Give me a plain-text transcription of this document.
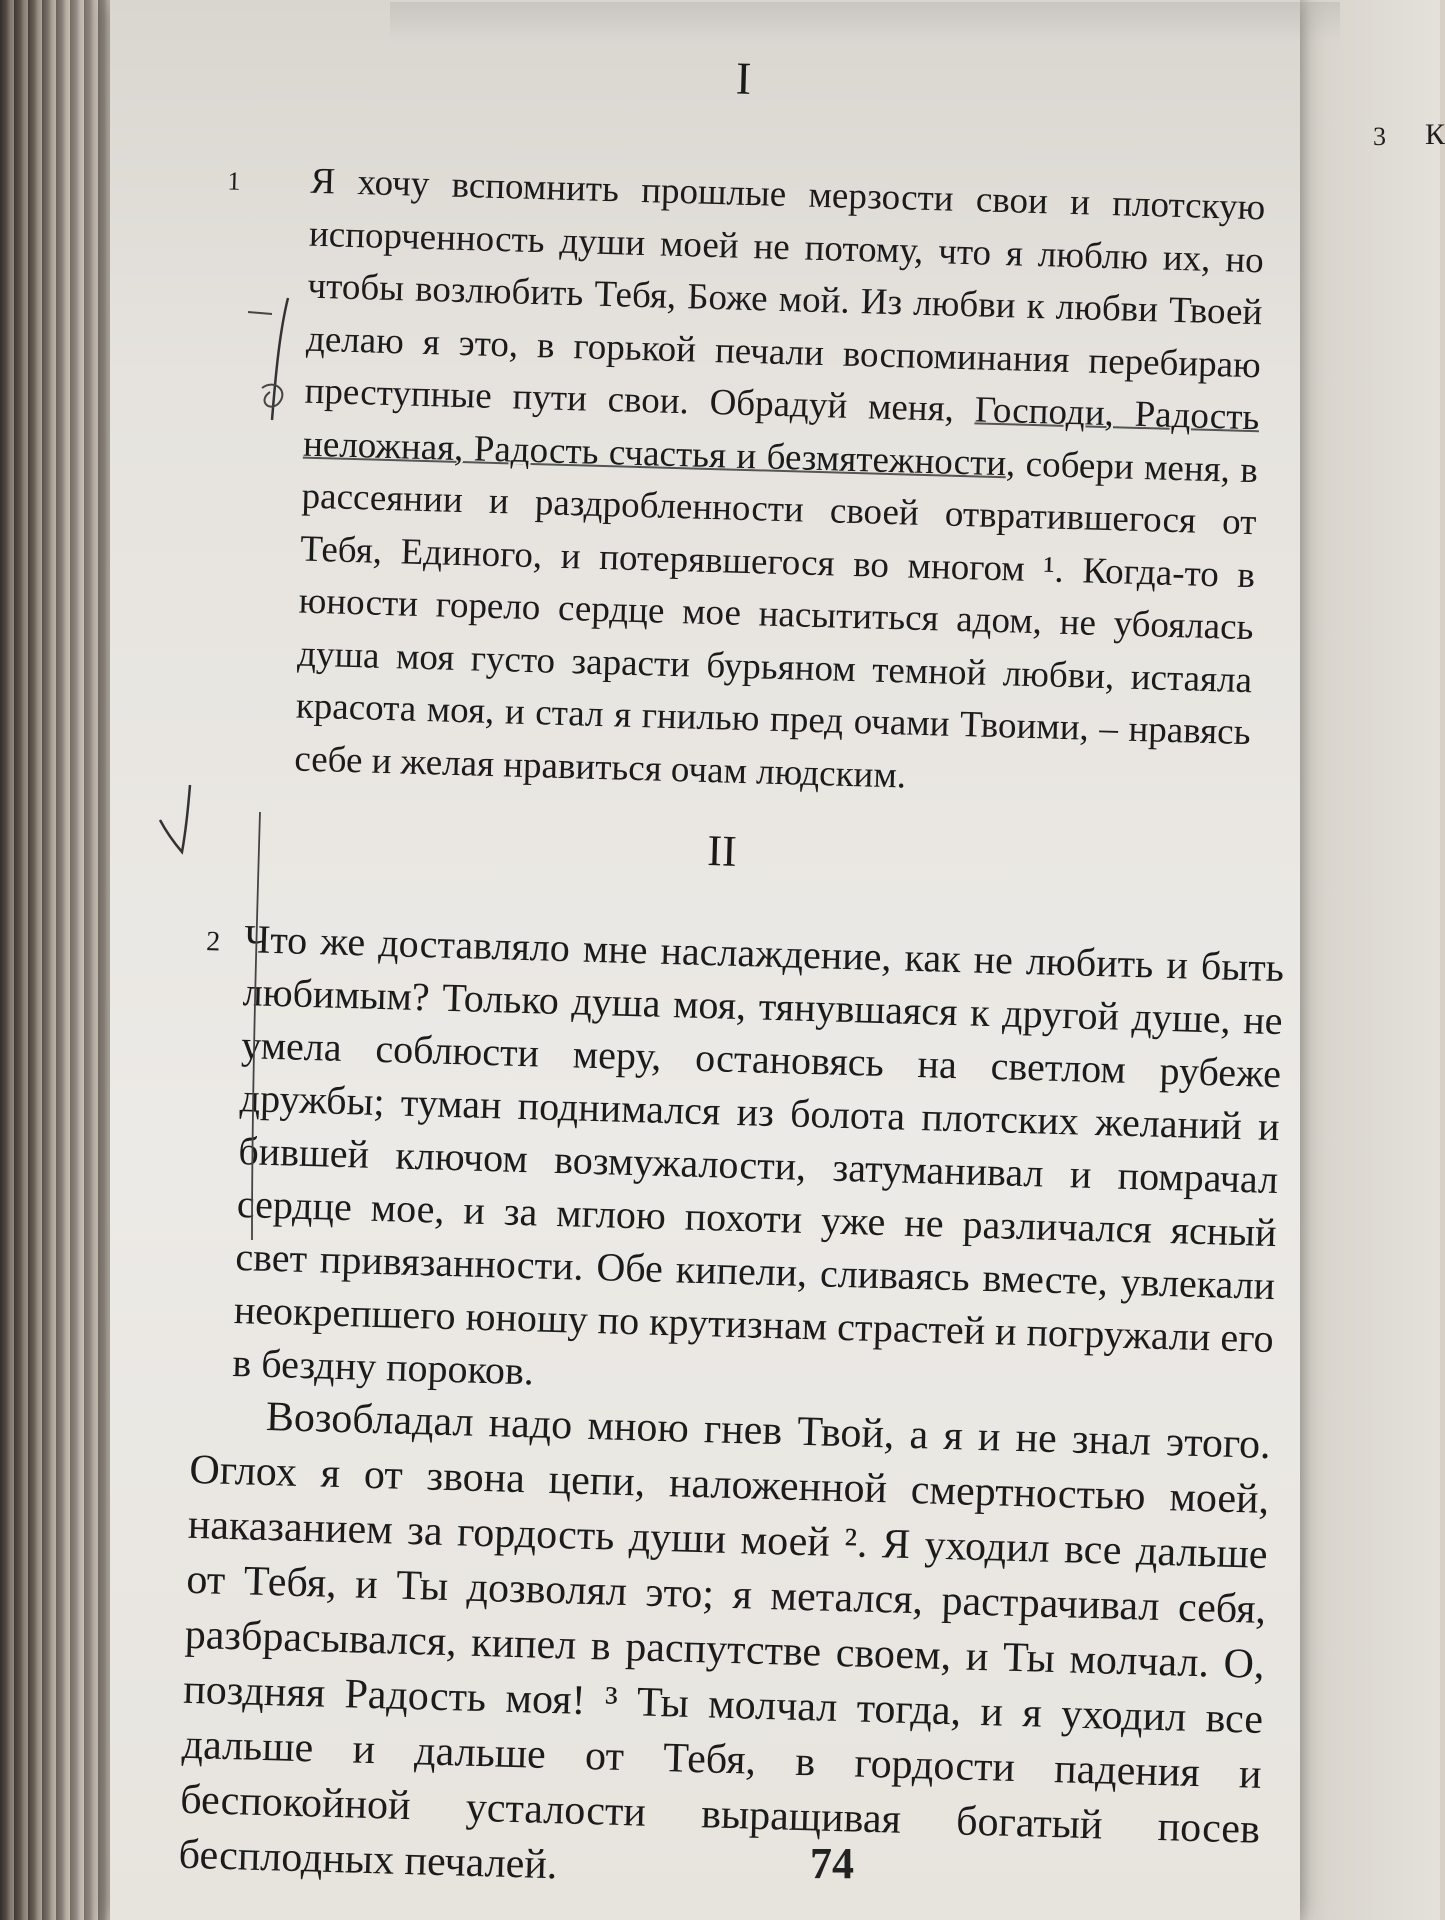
3 К

I

1 Я хочу вспомнить прошлые мерзости свои и плотскую испорченность души моей не потому, что я люблю их, но чтобы возлюбить Тебя, Боже мой. Из любви к любви Твоей делаю я это, в горькой печали воспоминания перебираю преступные пути свои. Обрадуй меня, Господи, Радость неложная, Радость счастья и безмятежности, собери меня, в рассеянии и раздробленности своей отвратившегося от Тебя, Единого, и потерявшегося во многом ¹. Когда-то в юности горело сердце мое насытиться адом, не убоялась душа моя густо зарасти бурьяном темной любви, истаяла красота моя, и стал я гнилью пред очами Твоими, – нравясь себе и желая нравиться очам людским.

II

2 Что же доставляло мне наслаждение, как не любить и быть любимым? Только душа моя, тянувшаяся к другой душе, не умела соблюсти меру, остановясь на светлом рубеже дружбы; туман поднимался из болота плотских желаний и бившей ключом возмужалости, затуманивал и помрачал сердце мое, и за мглою похоти уже не различался ясный свет привязанности. Обе кипели, сливаясь вместе, увлекали неокрепшего юношу по крутизнам страстей и погружали его в бездну пороков.

Возобладал надо мною гнев Твой, а я и не знал этого. Оглох я от звона цепи, наложенной смертностью моей, наказанием за гордость души моей ². Я уходил все дальше от Тебя, и Ты дозволял это; я метался, растрачивал себя, разбрасывался, кипел в распутстве своем, и Ты молчал. О, поздняя Радость моя! ³ Ты молчал тогда, и я уходил все дальше и дальше от Тебя, в гордости падения и беспокойной усталости выращивая богатый посев бесплодных печалей.	74
